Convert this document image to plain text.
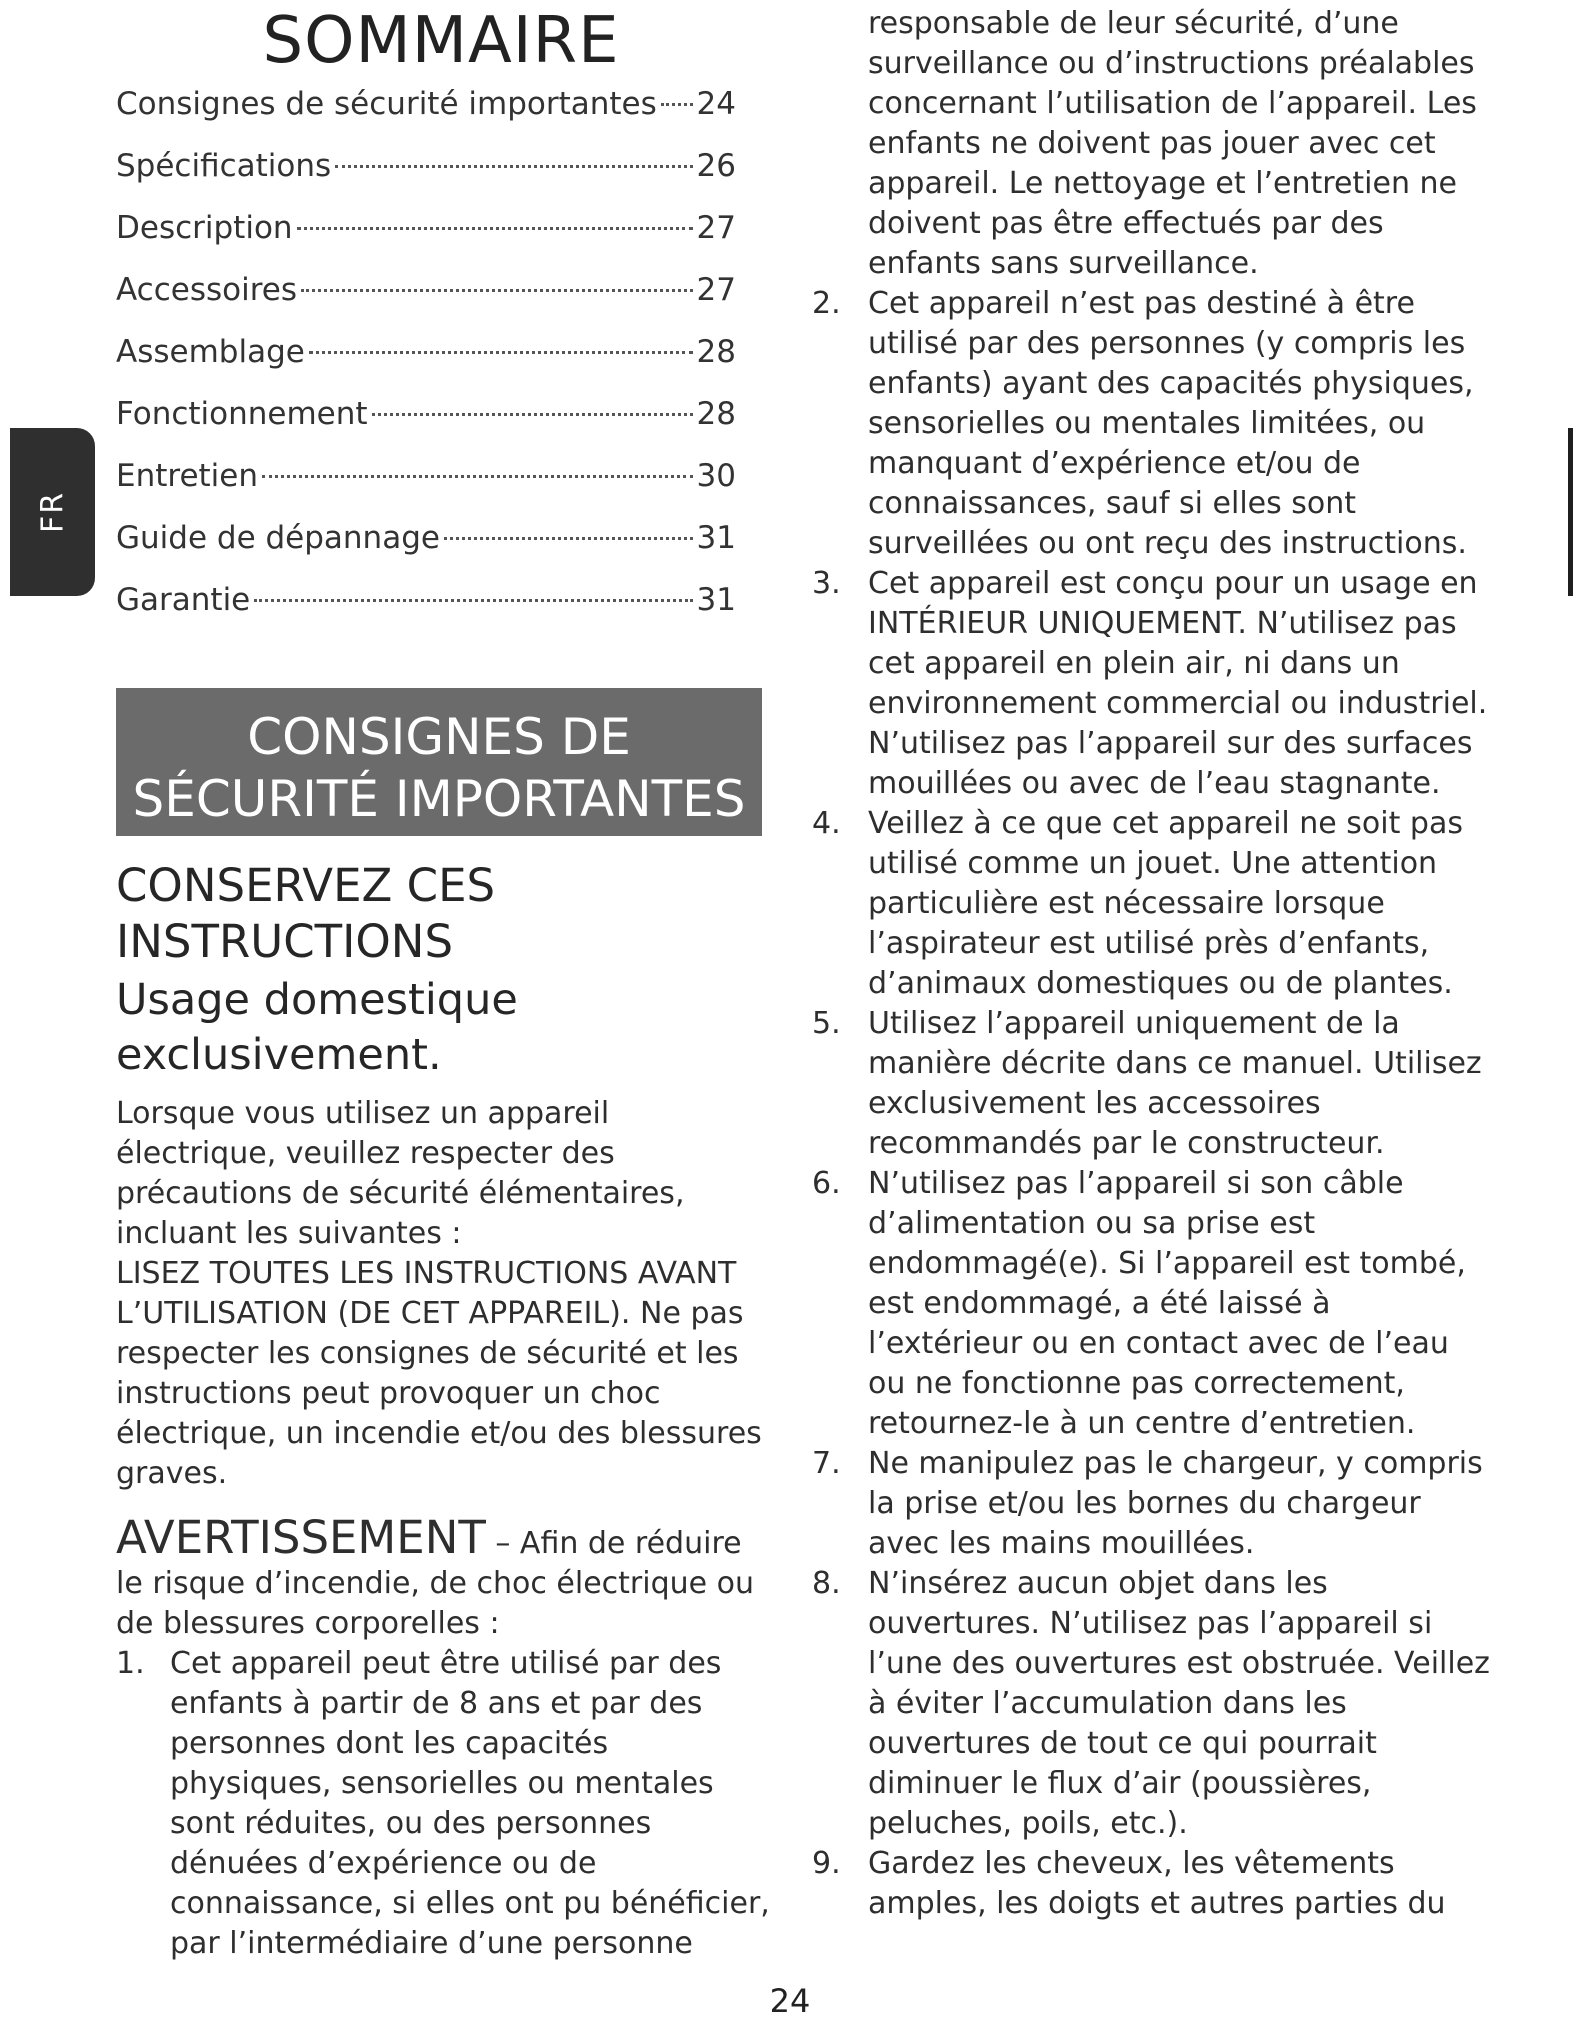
FR
SOMMAIRE
Consignes de sécurité importantes 24
Spécifications	26
Description	27
Accessoires	27
Assemblage	28
Fonctionnement	28
Entretien	30
Guide de dépannage	31
Garantie	31
CONSIGNES DE
SÉCURITÉ IMPORTANTES
CONSERVEZ CES
INSTRUCTIONS
Usage domestique
exclusivement.
Lorsque vous utilisez un appareil électrique, veuillez respecter des précautions de sécurité élémentaires, incluant les suivantes :
LISEZ TOUTES LES INSTRUCTIONS AVANT L’UTILISATION (DE CET APPAREIL). Ne pas respecter les consignes de sécurité et les instructions peut provoquer un choc électrique, un incendie et/ou des blessures graves.
AVERTISSEMENT – Afin de réduire le risque d’incendie, de choc électrique ou de blessures corporelles :
1. Cet appareil peut être utilisé par des enfants à partir de 8 ans et par des personnes dont les capacités physiques, sensorielles ou mentales sont réduites, ou des personnes dénuées d’expérience ou de connaissance, si elles ont pu bénéficier, par l’intermédiaire d’une personne
responsable de leur sécurité, d’une surveillance ou d’instructions préalables concernant l’utilisation de l’appareil. Les enfants ne doivent pas jouer avec cet appareil. Le nettoyage et l’entretien ne doivent pas être effectués par des enfants sans surveillance.
2. Cet appareil n’est pas destiné à être utilisé par des personnes (y compris les enfants) ayant des capacités physiques, sensorielles ou mentales limitées, ou manquant d’expérience et/ou de connaissances, sauf si elles sont surveillées ou ont reçu des instructions.
3. Cet appareil est conçu pour un usage en INTÉRIEUR UNIQUEMENT. N’utilisez pas cet appareil en plein air, ni dans un environnement commercial ou industriel. N’utilisez pas l’appareil sur des surfaces mouillées ou avec de l’eau stagnante.
4. Veillez à ce que cet appareil ne soit pas utilisé comme un jouet. Une attention particulière est nécessaire lorsque l’aspirateur est utilisé près d’enfants, d’animaux domestiques ou de plantes.
5. Utilisez l’appareil uniquement de la manière décrite dans ce manuel. Utilisez exclusivement les accessoires recommandés par le constructeur.
6. N’utilisez pas l’appareil si son câble d’alimentation ou sa prise est endommagé(e). Si l’appareil est tombé, est endommagé, a été laissé à l’extérieur ou en contact avec de l’eau ou ne fonctionne pas correctement, retournez-le à un centre d’entretien.
7. Ne manipulez pas le chargeur, y compris la prise et/ou les bornes du chargeur avec les mains mouillées.
8. N’insérez aucun objet dans les ouvertures. N’utilisez pas l’appareil si l’une des ouvertures est obstruée. Veillez à éviter l’accumulation dans les ouvertures de tout ce qui pourrait diminuer le flux d’air (poussières, peluches, poils, etc.).
9. Gardez les cheveux, les vêtements amples, les doigts et autres parties du
24
